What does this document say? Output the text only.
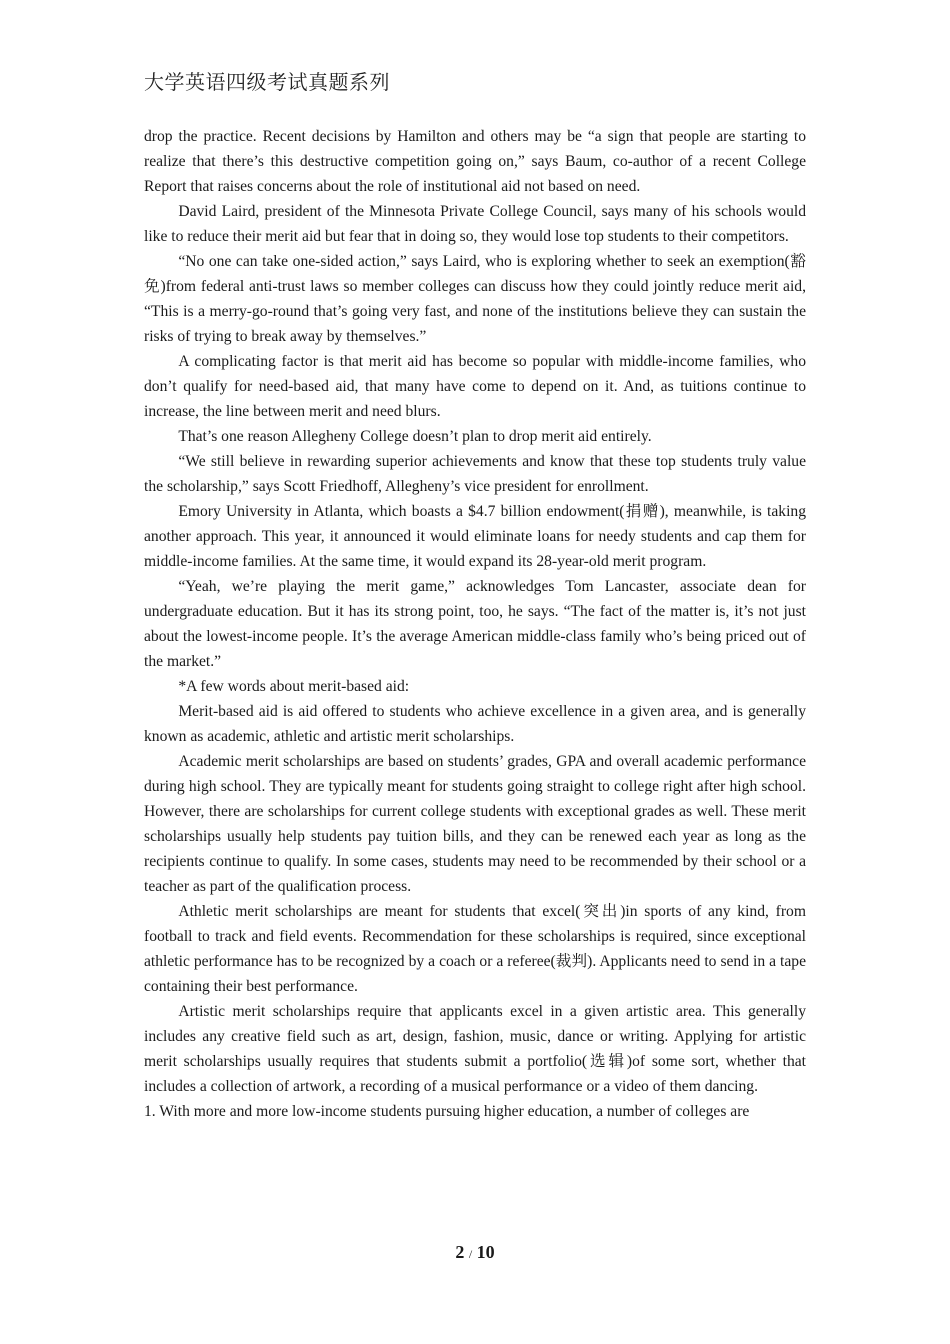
大学英语四级考试真题系列

drop the practice. Recent decisions by Hamilton and others may be “a sign that people are starting to realize that there’s this destructive competition going on,” says Baum, co-author of a recent College Report that raises concerns about the role of institutional aid not based on need.

David Laird, president of the Minnesota Private College Council, says many of his schools would like to reduce their merit aid but fear that in doing so, they would lose top students to their competitors.

“No one can take one-sided action,” says Laird, who is exploring whether to seek an exemption(豁免)from federal anti-trust laws so member colleges can discuss how they could jointly reduce merit aid, “This is a merry-go-round that’s going very fast, and none of the institutions believe they can sustain the risks of trying to break away by themselves.”

A complicating factor is that merit aid has become so popular with middle-income families, who don’t qualify for need-based aid, that many have come to depend on it. And, as tuitions continue to increase, the line between merit and need blurs.

That’s one reason Allegheny College doesn’t plan to drop merit aid entirely.

“We still believe in rewarding superior achievements and know that these top students truly value the scholarship,” says Scott Friedhoff, Allegheny’s vice president for enrollment.

Emory University in Atlanta, which boasts a $4.7 billion endowment(捐赠), meanwhile, is taking another approach. This year, it announced it would eliminate loans for needy students and cap them for middle-income families. At the same time, it would expand its 28-year-old merit program.

“Yeah, we’re playing the merit game,” acknowledges Tom Lancaster, associate dean for undergraduate education. But it has its strong point, too, he says. “The fact of the matter is, it’s not just about the lowest-income people. It’s the average American middle-class family who’s being priced out of the market.”

*A few words about merit-based aid:

Merit-based aid is aid offered to students who achieve excellence in a given area, and is generally known as academic, athletic and artistic merit scholarships.

Academic merit scholarships are based on students’ grades, GPA and overall academic performance during high school. They are typically meant for students going straight to college right after high school. However, there are scholarships for current college students with exceptional grades as well. These merit scholarships usually help students pay tuition bills, and they can be renewed each year as long as the recipients continue to qualify. In some cases, students may need to be recommended by their school or a teacher as part of the qualification process.

Athletic merit scholarships are meant for students that excel(突出)in sports of any kind, from football to track and field events. Recommendation for these scholarships is required, since exceptional athletic performance has to be recognized by a coach or a referee(裁判). Applicants need to send in a tape containing their best performance.

Artistic merit scholarships require that applicants excel in a given artistic area. This generally includes any creative field such as art, design, fashion, music, dance or writing. Applying for artistic merit scholarships usually requires that students submit a portfolio(选辑)of some sort, whether that includes a collection of artwork, a recording of a musical performance or a video of them dancing.

1. With more and more low-income students pursuing higher education, a number of colleges are

2 / 10
